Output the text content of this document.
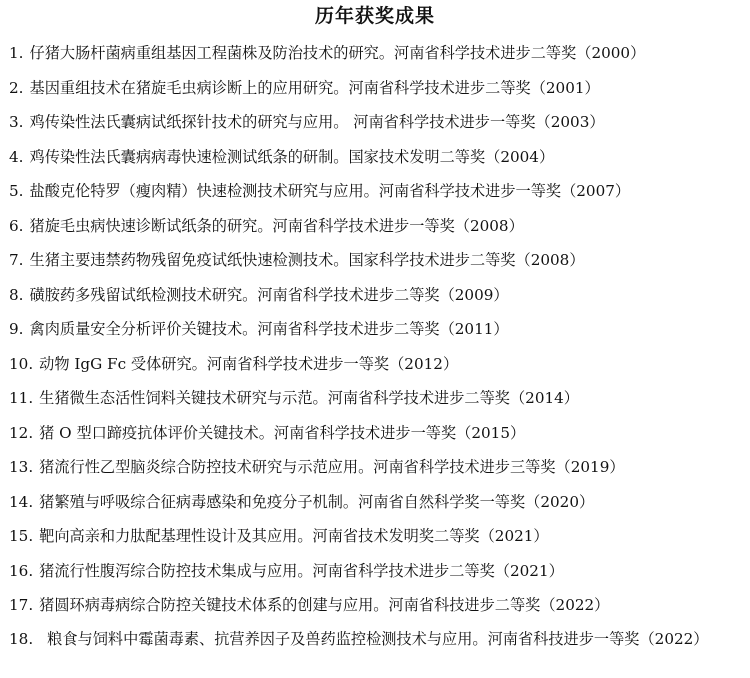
历年获奖成果
1. 仔猪大肠杆菌病重组基因工程菌株及防治技术的研究。河南省科学技术进步二等奖（2000）
2. 基因重组技术在猪旋毛虫病诊断上的应用研究。河南省科学技术进步二等奖（2001）
3. 鸡传染性法氏囊病试纸探针技术的研究与应用。 河南省科学技术进步一等奖（2003）
4. 鸡传染性法氏囊病病毒快速检测试纸条的研制。国家技术发明二等奖（2004）
5. 盐酸克伦特罗（瘦肉精）快速检测技术研究与应用。河南省科学技术进步一等奖（2007）
6. 猪旋毛虫病快速诊断试纸条的研究。河南省科学技术进步一等奖（2008）
7. 生猪主要违禁药物残留免疫试纸快速检测技术。国家科学技术进步二等奖（2008）
8. 磺胺药多残留试纸检测技术研究。河南省科学技术进步二等奖（2009）
9. 禽肉质量安全分析评价关键技术。河南省科学技术进步二等奖（2011）
10. 动物 IgG Fc 受体研究。河南省科学技术进步一等奖（2012）
11. 生猪微生态活性饲料关键技术研究与示范。河南省科学技术进步二等奖（2014）
12. 猪 O 型口蹄疫抗体评价关键技术。河南省科学技术进步一等奖（2015）
13. 猪流行性乙型脑炎综合防控技术研究与示范应用。河南省科学技术进步三等奖（2019）
14. 猪繁殖与呼吸综合征病毒感染和免疫分子机制。河南省自然科学奖一等奖（2020）
15. 靶向高亲和力肽配基理性设计及其应用。河南省技术发明奖二等奖（2021）
16. 猪流行性腹泻综合防控技术集成与应用。河南省科学技术进步二等奖（2021）
17. 猪圆环病毒病综合防控关键技术体系的创建与应用。河南省科技进步二等奖（2022）
18. 粮食与饲料中霉菌毒素、抗营养因子及兽药监控检测技术与应用。河南省科技进步一等奖（2022）
